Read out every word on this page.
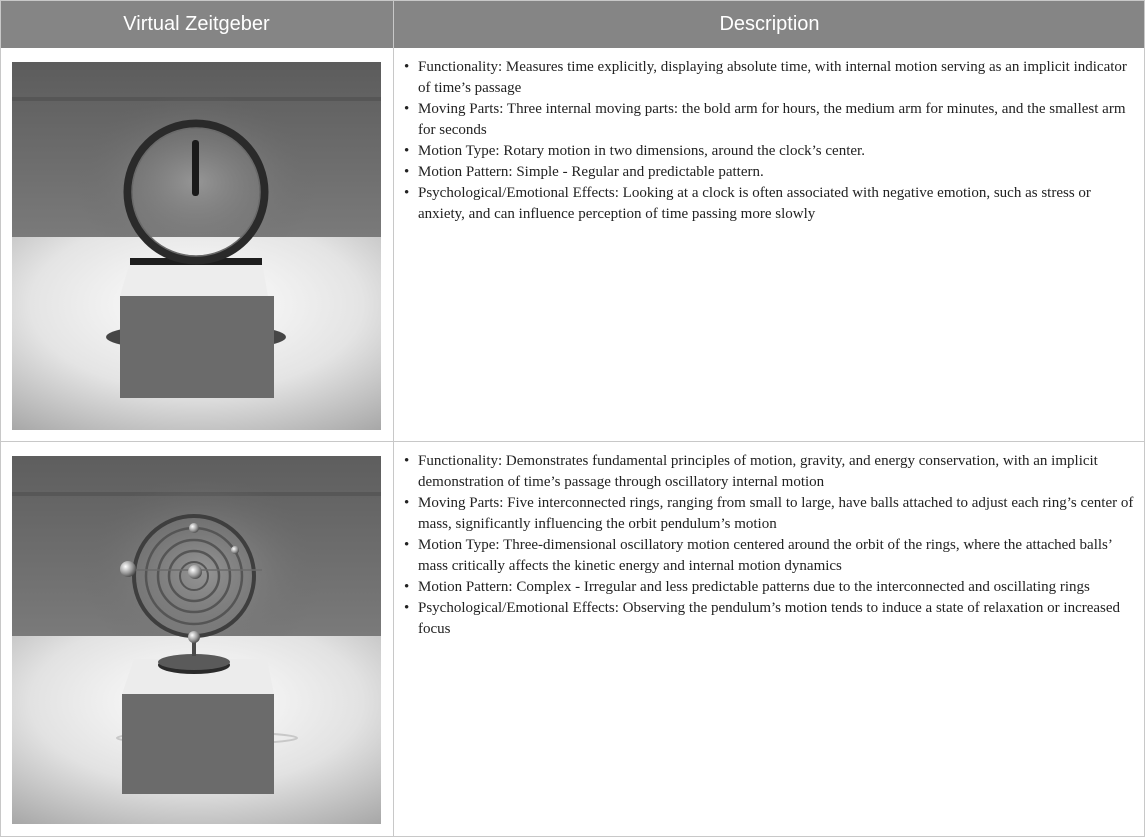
Virtual Zeitgeber	Description
• Functionality: Measures time explicitly, displaying absolute time, with internal motion serving as an implicit indicator of time’s passage
• Moving Parts: Three internal moving parts: the bold arm for hours, the medium arm for minutes, and the smallest arm for seconds
• Motion Type: Rotary motion in two dimensions, around the clock’s center.
• Motion Pattern: Simple - Regular and predictable pattern.
• Psychological/Emotional Effects: Looking at a clock is often associated with negative emotion, such as stress or anxiety, and can influence perception of time passing more slowly
• Functionality: Demonstrates fundamental principles of motion, gravity, and energy conservation, with an implicit demonstration of time’s passage through oscillatory internal motion
• Moving Parts: Five interconnected rings, ranging from small to large, have balls attached to adjust each ring’s center of mass, significantly influencing the orbit pendulum’s motion
• Motion Type: Three-dimensional oscillatory motion centered around the orbit of the rings, where the attached balls’ mass critically affects the kinetic energy and internal motion dynamics
• Motion Pattern: Complex - Irregular and less predictable patterns due to the interconnected and oscillating rings
• Psychological/Emotional Effects: Observing the pendulum’s motion tends to induce a state of relaxation or increased focus
